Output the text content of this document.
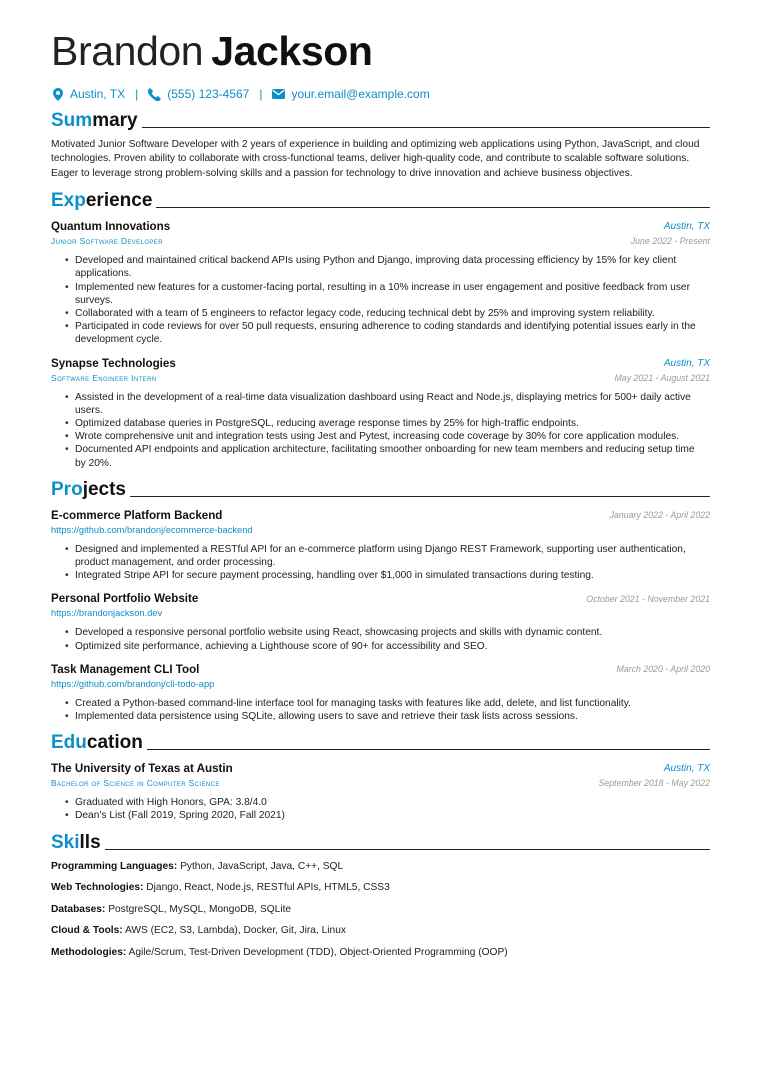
Brandon Jackson
Austin, TX | (555) 123-4567 | your.email@example.com
Summary
Motivated Junior Software Developer with 2 years of experience in building and optimizing web applications using Python, JavaScript, and cloud technologies. Proven ability to collaborate with cross-functional teams, deliver high-quality code, and contribute to scalable software solutions. Eager to leverage strong problem-solving skills and a passion for technology to drive innovation and achieve business objectives.
Experience
Quantum Innovations	Austin, TX
Junior Software Developer	June 2022 - Present
• Developed and maintained critical backend APIs using Python and Django, improving data processing efficiency by 15% for key client applications.
• Implemented new features for a customer-facing portal, resulting in a 10% increase in user engagement and positive feedback from user surveys.
• Collaborated with a team of 5 engineers to refactor legacy code, reducing technical debt by 25% and improving system reliability.
• Participated in code reviews for over 50 pull requests, ensuring adherence to coding standards and identifying potential issues early in the development cycle.
Synapse Technologies	Austin, TX
Software Engineer Intern	May 2021 - August 2021
• Assisted in the development of a real-time data visualization dashboard using React and Node.js, displaying metrics for 500+ daily active users.
• Optimized database queries in PostgreSQL, reducing average response times by 25% for high-traffic endpoints.
• Wrote comprehensive unit and integration tests using Jest and Pytest, increasing code coverage by 30% for core application modules.
• Documented API endpoints and application architecture, facilitating smoother onboarding for new team members and reducing setup time by 20%.
Projects
E-commerce Platform Backend	January 2022 - April 2022
https://github.com/brandonj/ecommerce-backend
• Designed and implemented a RESTful API for an e-commerce platform using Django REST Framework, supporting user authentication, product management, and order processing.
• Integrated Stripe API for secure payment processing, handling over $1,000 in simulated transactions during testing.
Personal Portfolio Website	October 2021 - November 2021
https://brandonjackson.dev
• Developed a responsive personal portfolio website using React, showcasing projects and skills with dynamic content.
• Optimized site performance, achieving a Lighthouse score of 90+ for accessibility and SEO.
Task Management CLI Tool	March 2020 - April 2020
https://github.com/brandonj/cli-todo-app
• Created a Python-based command-line interface tool for managing tasks with features like add, delete, and list functionality.
• Implemented data persistence using SQLite, allowing users to save and retrieve their task lists across sessions.
Education
The University of Texas at Austin	Austin, TX
Bachelor of Science in Computer Science	September 2018 - May 2022
• Graduated with High Honors, GPA: 3.8/4.0
• Dean’s List (Fall 2019, Spring 2020, Fall 2021)
Skills
Programming Languages: Python, JavaScript, Java, C++, SQL
Web Technologies: Django, React, Node.js, RESTful APIs, HTML5, CSS3
Databases: PostgreSQL, MySQL, MongoDB, SQLite
Cloud & Tools: AWS (EC2, S3, Lambda), Docker, Git, Jira, Linux
Methodologies: Agile/Scrum, Test-Driven Development (TDD), Object-Oriented Programming (OOP)
